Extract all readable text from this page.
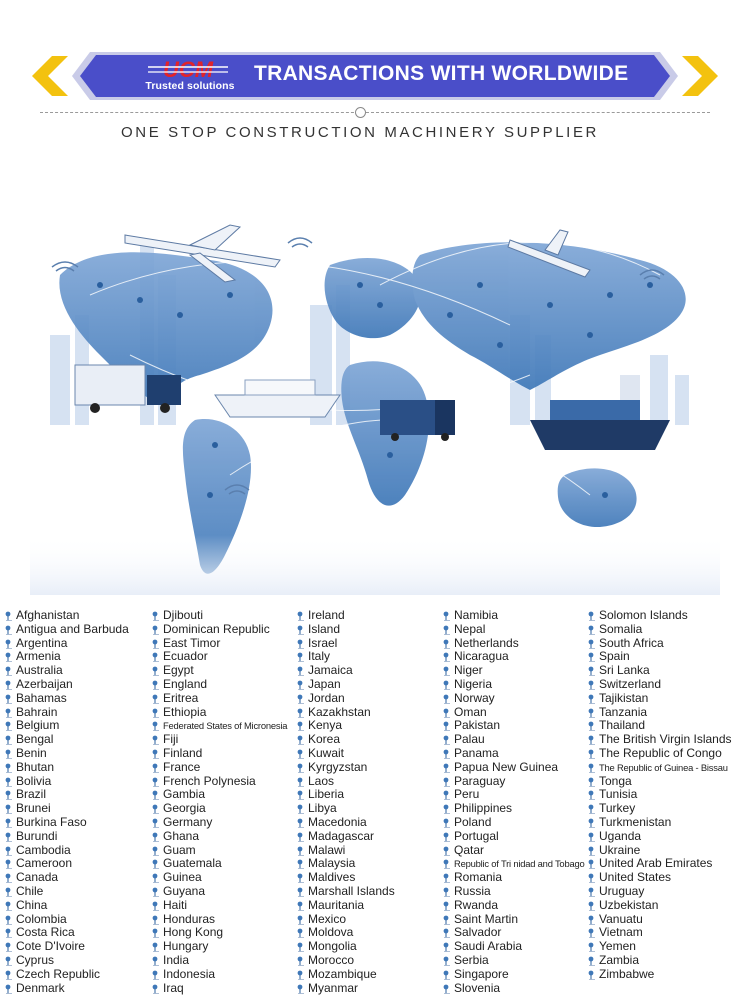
UCM
Trusted solutions
TRANSACTIONS WITH WORLDWIDE
ONE STOP CONSTRUCTION MACHINERY SUPPLIER
Afghanistan
Antigua and Barbuda
Argentina
Armenia
Australia
Azerbaijan
Bahamas
Bahrain
Belgium
Bengal
Benin
Bhutan
Bolivia
Brazil
Brunei
Burkina Faso
Burundi
Cambodia
Cameroon
Canada
Chile
China
Colombia
Costa Rica
Cote D'Ivoire
Cyprus
Czech Republic
Denmark
Djibouti
Dominican Republic
East Timor
Ecuador
Egypt
England
Eritrea
Ethiopia
Federated States of Micronesia
Fiji
Finland
France
French Polynesia
Gambia
Georgia
Germany
Ghana
Guam
Guatemala
Guinea
Guyana
Haiti
Honduras
Hong Kong
Hungary
India
Indonesia
Iraq
Ireland
Island
Israel
Italy
Jamaica
Japan
Jordan
Kazakhstan
Kenya
Korea
Kuwait
Kyrgyzstan
Laos
Liberia
Libya
Macedonia
Madagascar
Malawi
Malaysia
Maldives
Marshall Islands
Mauritania
Mexico
Moldova
Mongolia
Morocco
Mozambique
Myanmar
Namibia
Nepal
Netherlands
Nicaragua
Niger
Nigeria
Norway
Oman
Pakistan
Palau
Panama
Papua New Guinea
Paraguay
Peru
Philippines
Poland
Portugal
Qatar
Republic of Tri nidad and Tobago
Romania
Russia
Rwanda
Saint Martin
Salvador
Saudi Arabia
Serbia
Singapore
Slovenia
Solomon Islands
Somalia
South Africa
Spain
Sri Lanka
Switzerland
Tajikistan
Tanzania
Thailand
The British Virgin Islands
The Republic of Congo
The Republic of Guinea - Bissau
Tonga
Tunisia
Turkey
Turkmenistan
Uganda
Ukraine
United Arab Emirates
United States
Uruguay
Uzbekistan
Vanuatu
Vietnam
Yemen
Zambia
Zimbabwe
